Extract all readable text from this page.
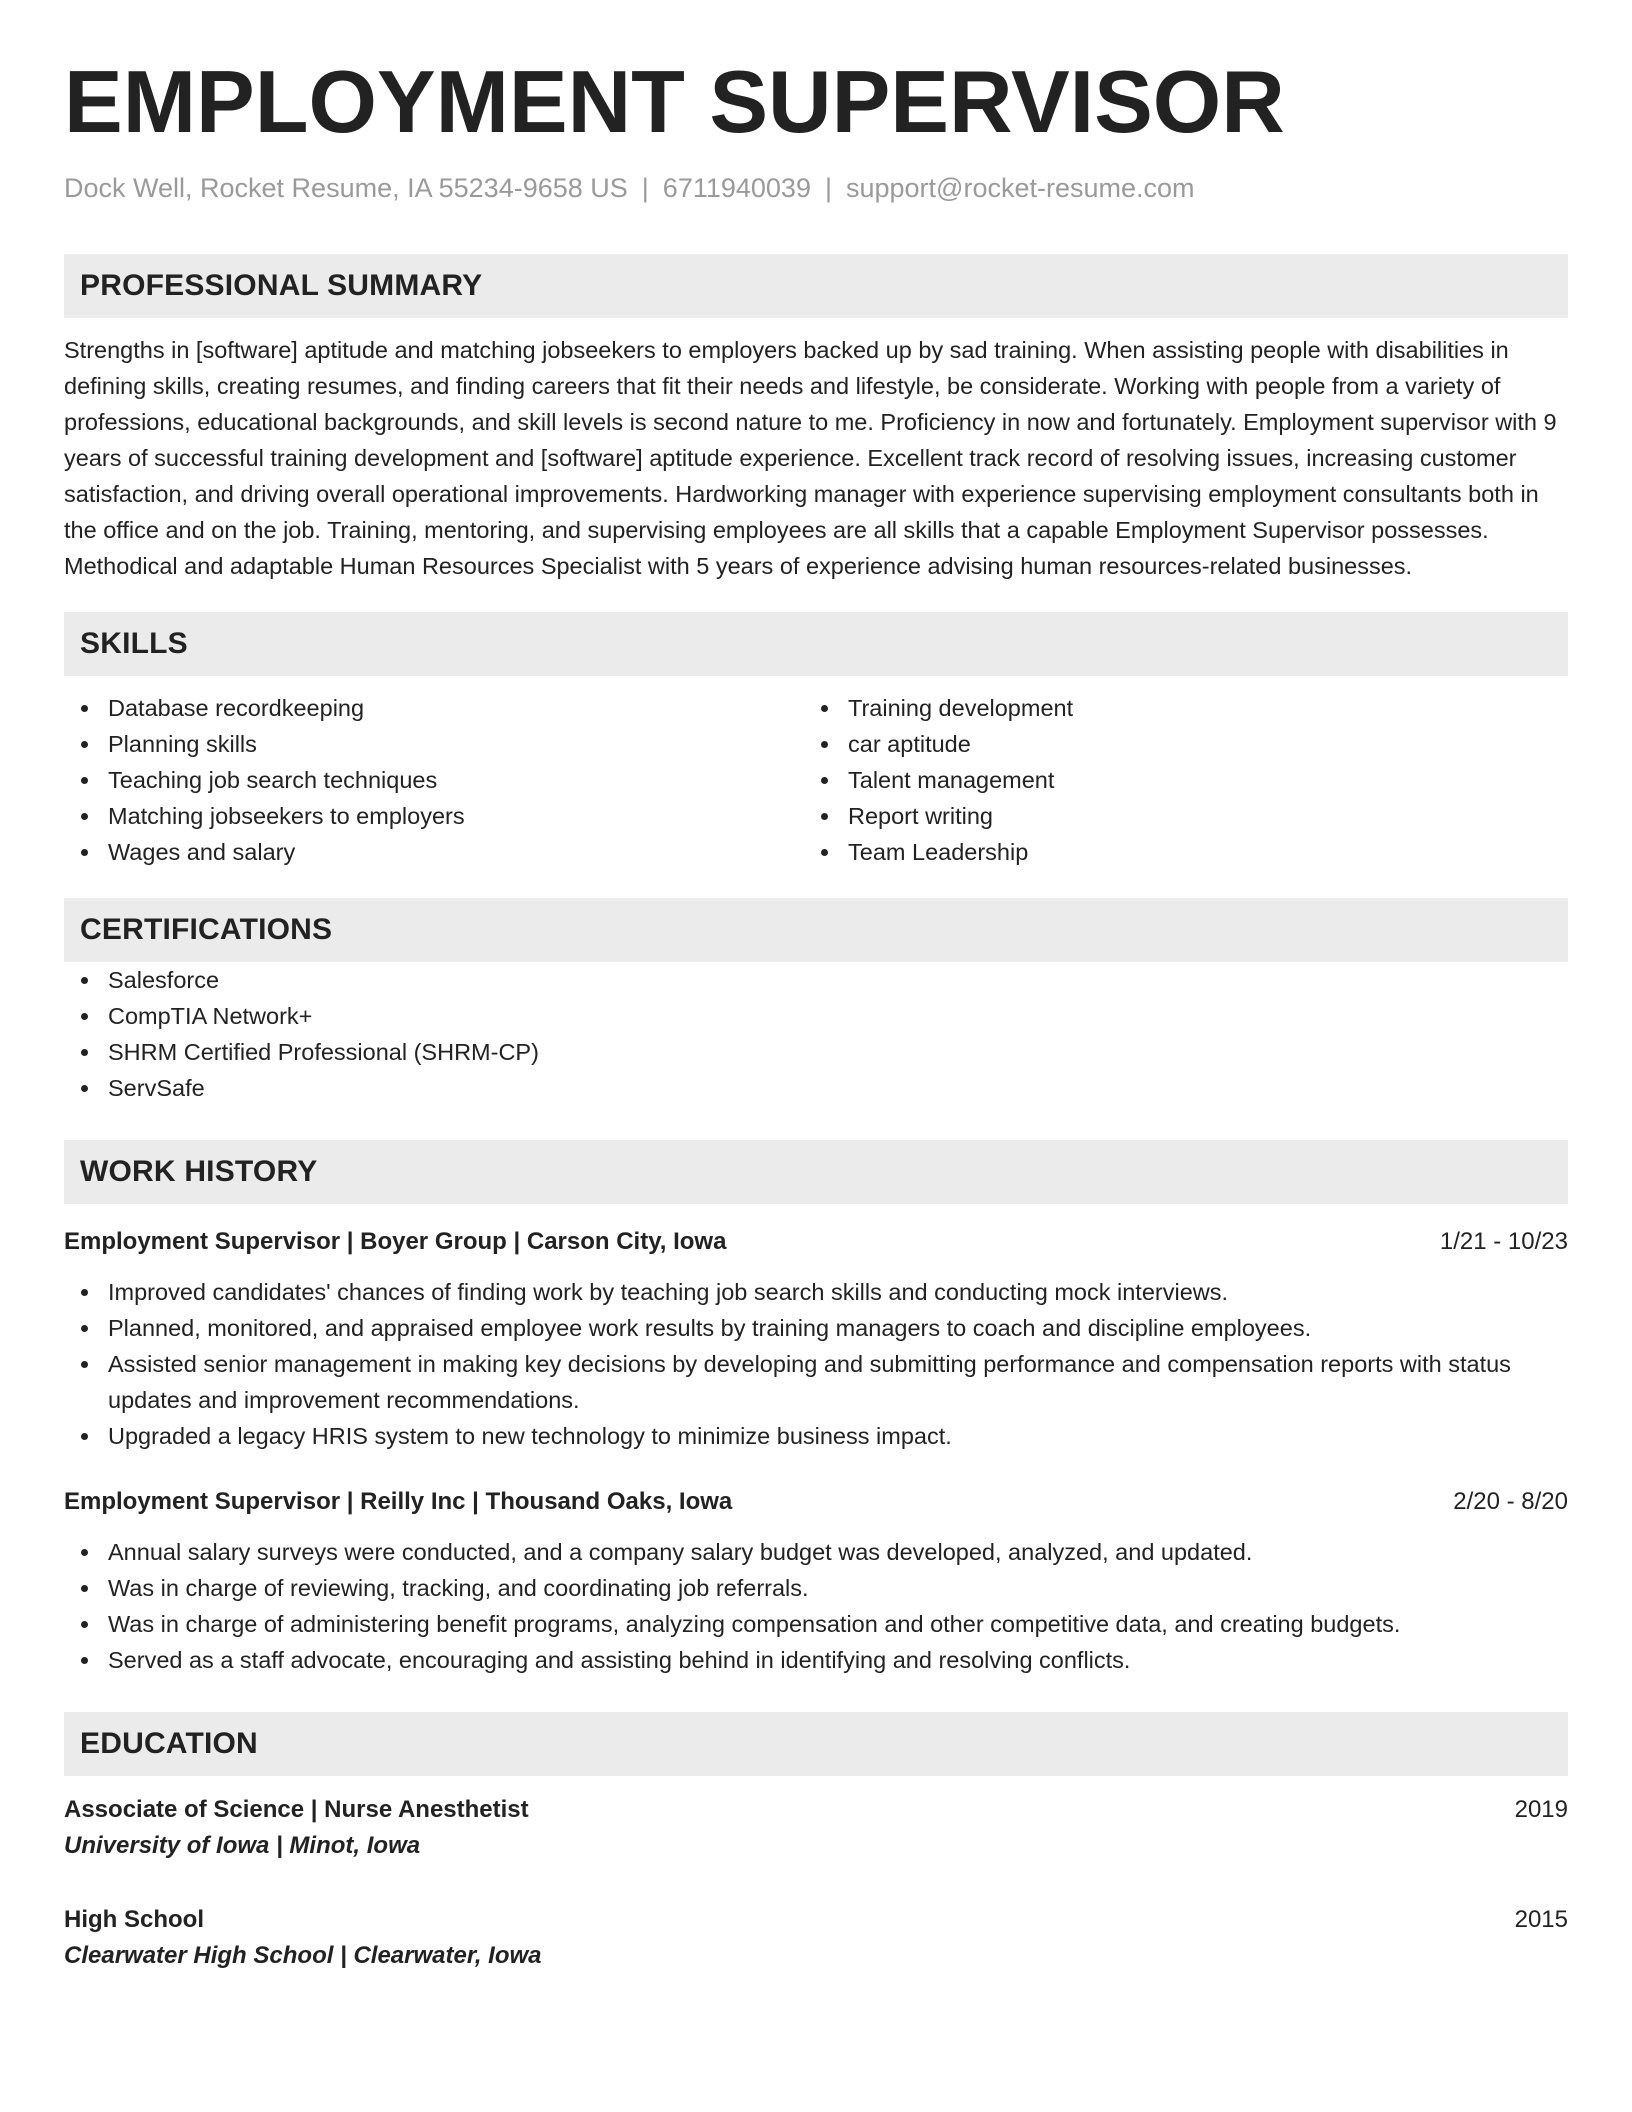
EMPLOYMENT SUPERVISOR
Dock Well, Rocket Resume, IA 55234-9658 US | 6711940039 | support@rocket-resume.com
PROFESSIONAL SUMMARY

Strengths in [software] aptitude and matching jobseekers to employers backed up by sad training. When assisting people with disabilities in defining skills, creating resumes, and finding careers that fit their needs and lifestyle, be considerate. Working with people from a variety of professions, educational backgrounds, and skill levels is second nature to me. Proficiency in now and fortunately. Employment supervisor with 9 years of successful training development and [software] aptitude experience. Excellent track record of resolving issues, increasing customer satisfaction, and driving overall operational improvements. Hardworking manager with experience supervising employment consultants both in the office and on the job. Training, mentoring, and supervising employees are all skills that a capable Employment Supervisor possesses. Methodical and adaptable Human Resources Specialist with 5 years of experience advising human resources-related businesses.

SKILLS
Database recordkeeping
Planning skills
Teaching job search techniques
Matching jobseekers to employers
Wages and salary
Training development
car aptitude
Talent management
Report writing
Team Leadership
CERTIFICATIONS
Salesforce
CompTIA Network+
SHRM Certified Professional (SHRM-CP)
ServSafe
WORK HISTORY
Employment Supervisor | Boyer Group | Carson City, Iowa	1/21 - 10/23
Improved candidates' chances of finding work by teaching job search skills and conducting mock interviews.
Planned, monitored, and appraised employee work results by training managers to coach and discipline employees.
Assisted senior management in making key decisions by developing and submitting performance and compensation reports with status updates and improvement recommendations.
Upgraded a legacy HRIS system to new technology to minimize business impact.
Employment Supervisor | Reilly Inc | Thousand Oaks, Iowa	2/20 - 8/20
Annual salary surveys were conducted, and a company salary budget was developed, analyzed, and updated.
Was in charge of reviewing, tracking, and coordinating job referrals.
Was in charge of administering benefit programs, analyzing compensation and other competitive data, and creating budgets.
Served as a staff advocate, encouraging and assisting behind in identifying and resolving conflicts.
EDUCATION
Associate of Science | Nurse Anesthetist	2019
University of Iowa | Minot, Iowa
High School	2015
Clearwater High School | Clearwater, Iowa
